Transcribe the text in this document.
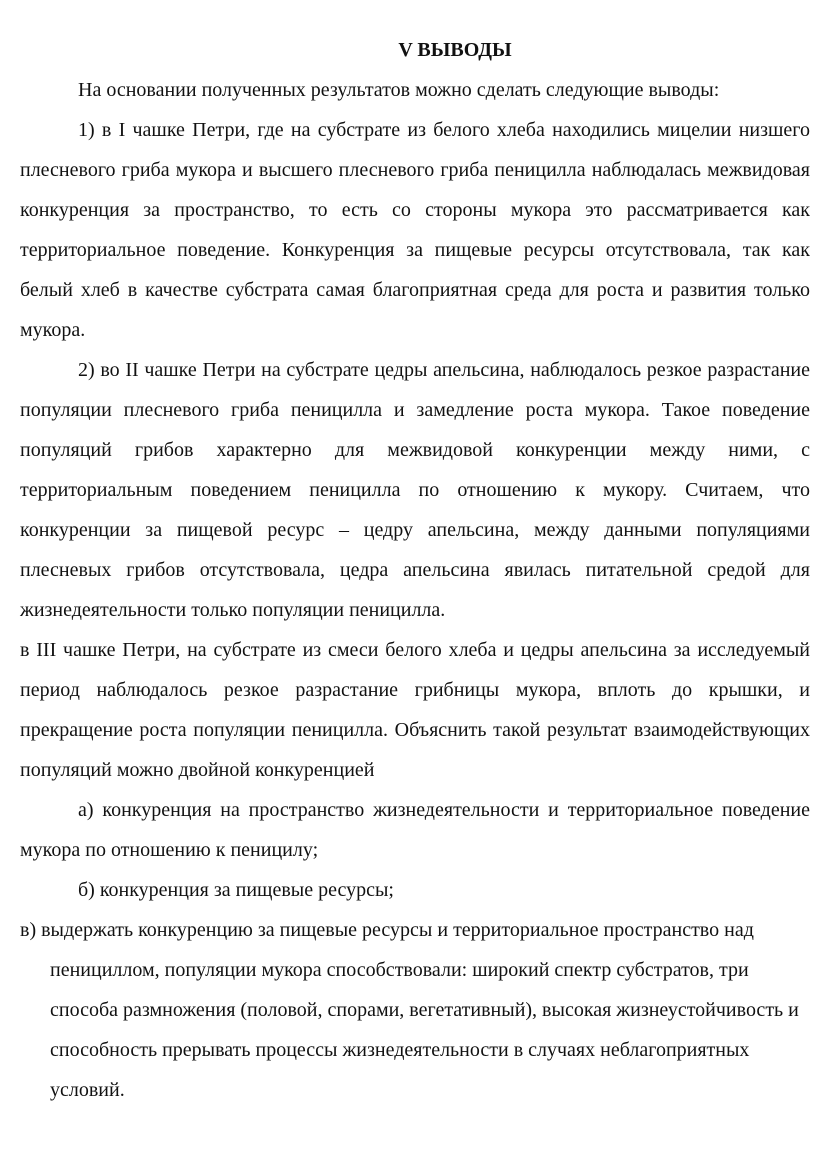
V ВЫВОДЫ

На основании полученных результатов можно сделать следующие выводы:

1) в I чашке Петри, где на субстрате из белого хлеба находились мицелии низшего плесневого гриба мукора и высшего плесневого гриба пеницилла наблюдалась межвидовая конкуренция за пространство, то есть со стороны мукора это рассматривается как территориальное поведение. Конкуренция за пищевые ресурсы отсутствовала, так как белый хлеб в качестве субстрата самая благоприятная среда для роста и развития только мукора.

2) во II чашке Петри на субстрате цедры апельсина, наблюдалось резкое разрастание популяции плесневого гриба пеницилла и замедление роста мукора. Такое поведение популяций грибов характерно для межвидовой конкуренции между ними, с территориальным поведением пеницилла по отношению к мукору. Считаем, что конкуренции за пищевой ресурс – цедру апельсина, между данными популяциями плесневых грибов отсутствовала, цедра апельсина явилась питательной средой для жизнедеятельности только популяции пеницилла.

в III чашке Петри, на субстрате из смеси белого хлеба и цедры апельсина за исследуемый период наблюдалось резкое разрастание грибницы мукора, вплоть до крышки, и прекращение роста популяции пеницилла. Объяснить такой результат взаимодействующих популяций можно двойной конкуренцией

а) конкуренция на пространство жизнедеятельности и территориальное поведение мукора по отношению к пеницилу;

б) конкуренция за пищевые ресурсы;

в) выдержать конкуренцию за пищевые ресурсы и территориальное пространство над пенициллом, популяции мукора способствовали: широкий спектр субстратов, три способа размножения (половой, спорами, вегетативный), высокая жизнеустойчивость и способность прерывать процессы жизнедеятельности в случаях неблагоприятных условий.
